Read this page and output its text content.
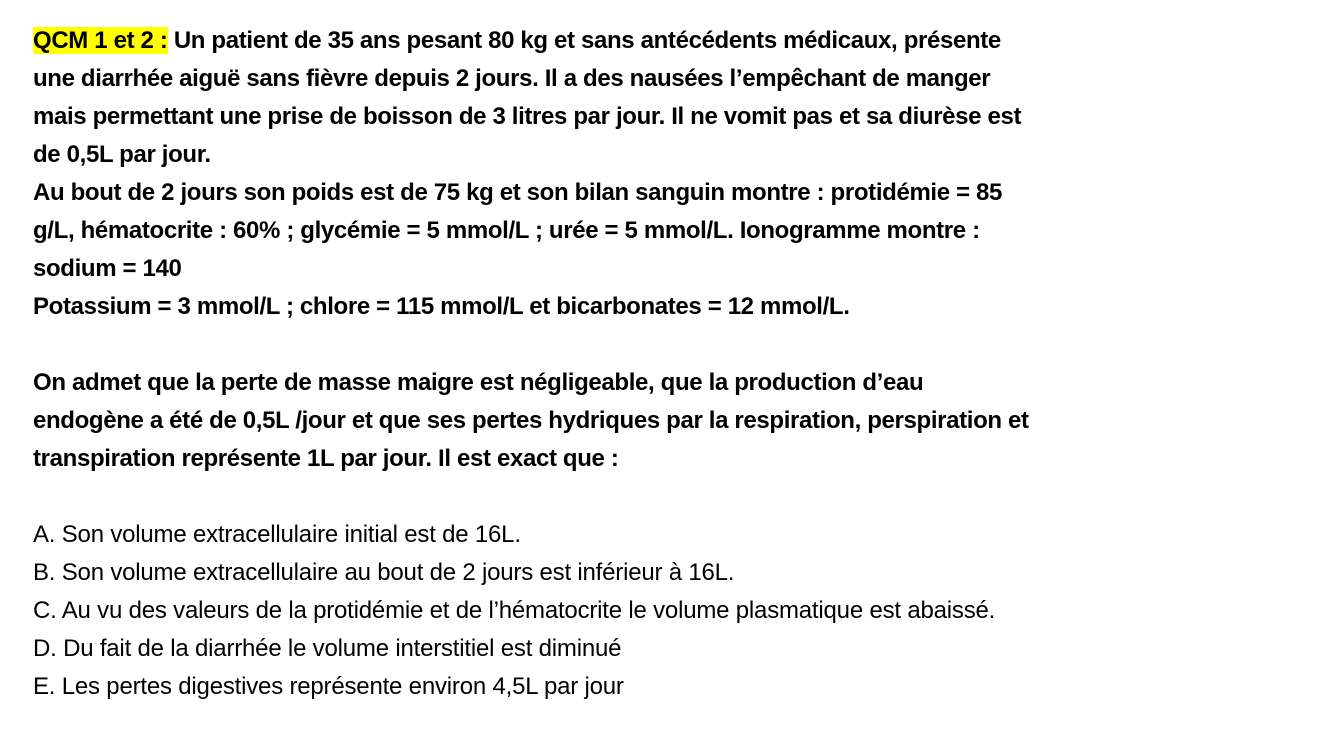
QCM 1 et 2 : Un patient de 35 ans pesant 80 kg et sans antécédents médicaux, présente
une diarrhée aiguë sans fièvre depuis 2 jours. Il a des nausées l’empêchant de manger
mais permettant une prise de boisson de 3 litres par jour. Il ne vomit pas et sa diurèse est
de 0,5L par jour.
Au bout de 2 jours son poids est de 75 kg et son bilan sanguin montre : protidémie = 85
g/L, hématocrite : 60% ; glycémie = 5 mmol/L ; urée = 5 mmol/L. Ionogramme montre :
sodium = 140
Potassium = 3 mmol/L ; chlore = 115 mmol/L et bicarbonates = 12 mmol/L.
On admet que la perte de masse maigre est négligeable, que la production d’eau
endogène a été de 0,5L /jour et que ses pertes hydriques par la respiration, perspiration et
transpiration représente 1L par jour. Il est exact que :
A. Son volume extracellulaire initial est de 16L.
B. Son volume extracellulaire au bout de 2 jours est inférieur à 16L.
C. Au vu des valeurs de la protidémie et de l’hématocrite le volume plasmatique est abaissé.
D. Du fait de la diarrhée le volume interstitiel est diminué
E. Les pertes digestives représente environ 4,5L par jour
